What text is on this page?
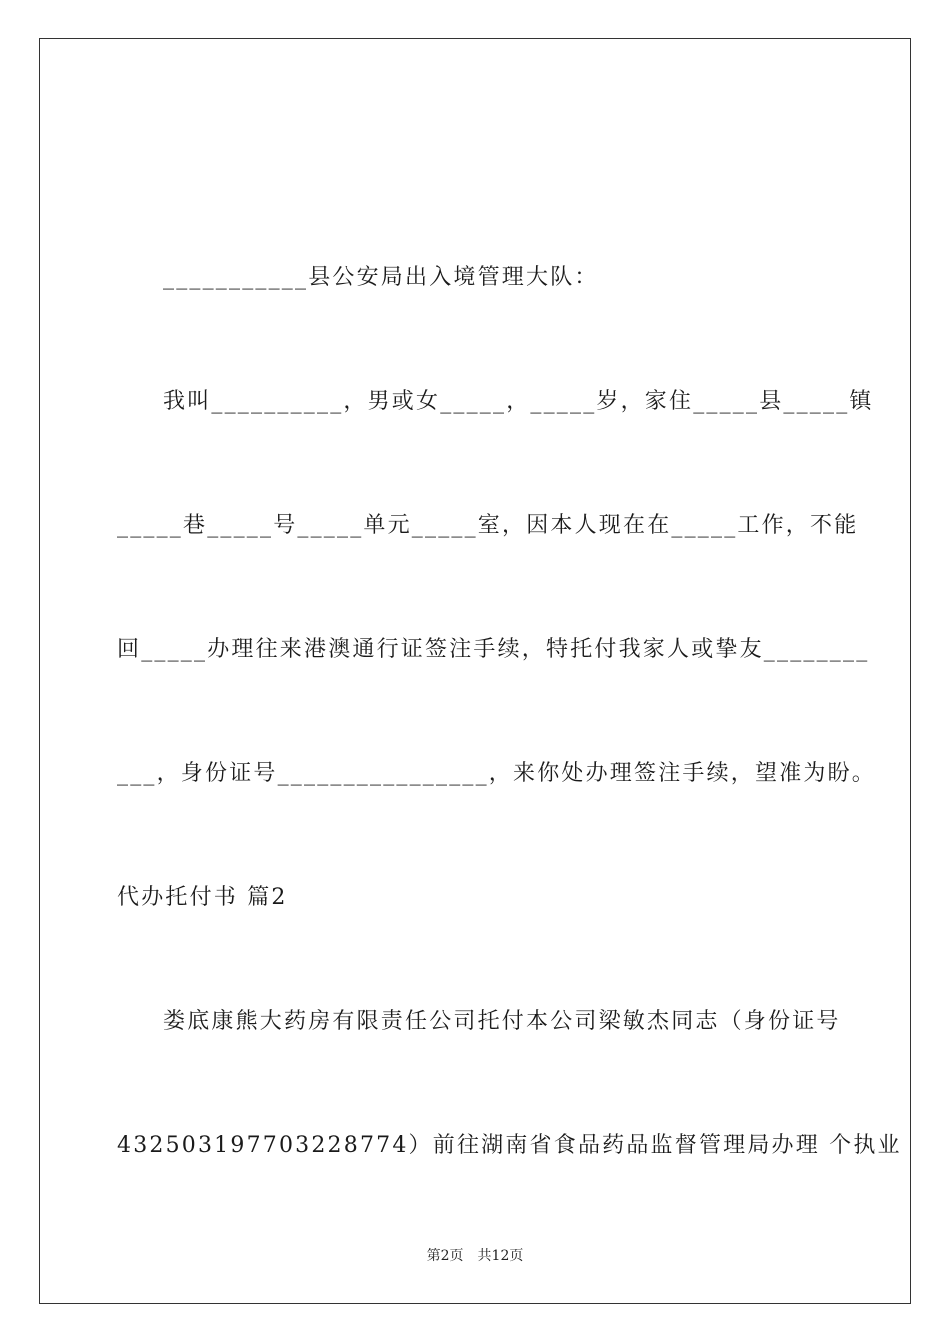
___________县公安局出入境管理大队：
我叫__________，男或女_____，_____岁，家住_____县_____镇
_____巷_____号_____单元_____室，因本人现在在_____工作，不能
回_____办理往来港澳通行证签注手续，特托付我家人或挚友________
___，身份证号________________，来你处办理签注手续，望准为盼。
代办托付书 篇2
娄底康熊大药房有限责任公司托付本公司梁敏杰同志（身份证号
432503197703228774）前往湖南省食品药品监督管理局办理 个执业
第2页 共12页
